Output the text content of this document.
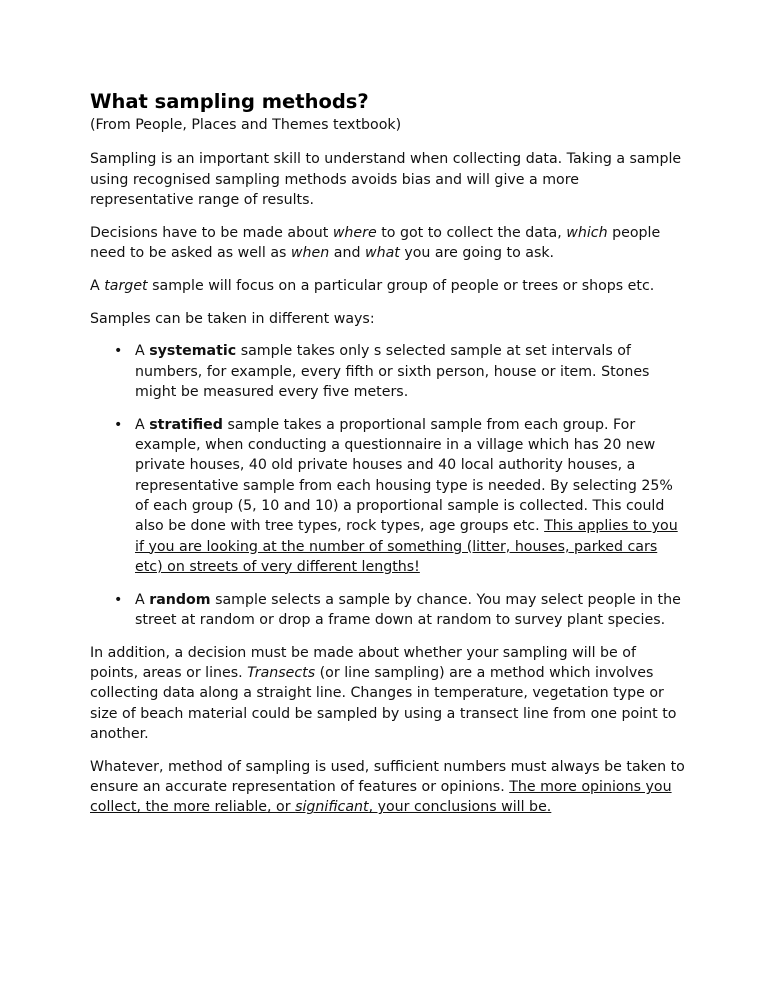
What sampling methods?
(From People, Places and Themes textbook)

Sampling is an important skill to understand when collecting data. Taking a sample using recognised sampling methods avoids bias and will give a more representative range of results.

Decisions have to be made about where to got to collect the data, which people need to be asked as well as when and what you are going to ask.

A target sample will focus on a particular group of people or trees or shops etc.

Samples can be taken in different ways:

• A systematic sample takes only s selected sample at set intervals of numbers, for example, every fifth or sixth person, house or item. Stones might be measured every five meters.
• A stratified sample takes a proportional sample from each group. For example, when conducting a questionnaire in a village which has 20 new private houses, 40 old private houses and 40 local authority houses, a representative sample from each housing type is needed. By selecting 25% of each group (5, 10 and 10) a proportional sample is collected. This could also be done with tree types, rock types, age groups etc. This applies to you if you are looking at the number of something (litter, houses, parked cars etc) on streets of very different lengths!
• A random sample selects a sample by chance. You may select people in the street at random or drop a frame down at random to survey plant species.

In addition, a decision must be made about whether your sampling will be of points, areas or lines. Transects (or line sampling) are a method which involves collecting data along a straight line. Changes in temperature, vegetation type or size of beach material could be sampled by using a transect line from one point to another.

Whatever, method of sampling is used, sufficient numbers must always be taken to ensure an accurate representation of features or opinions. The more opinions you collect, the more reliable, or significant, your conclusions will be.
